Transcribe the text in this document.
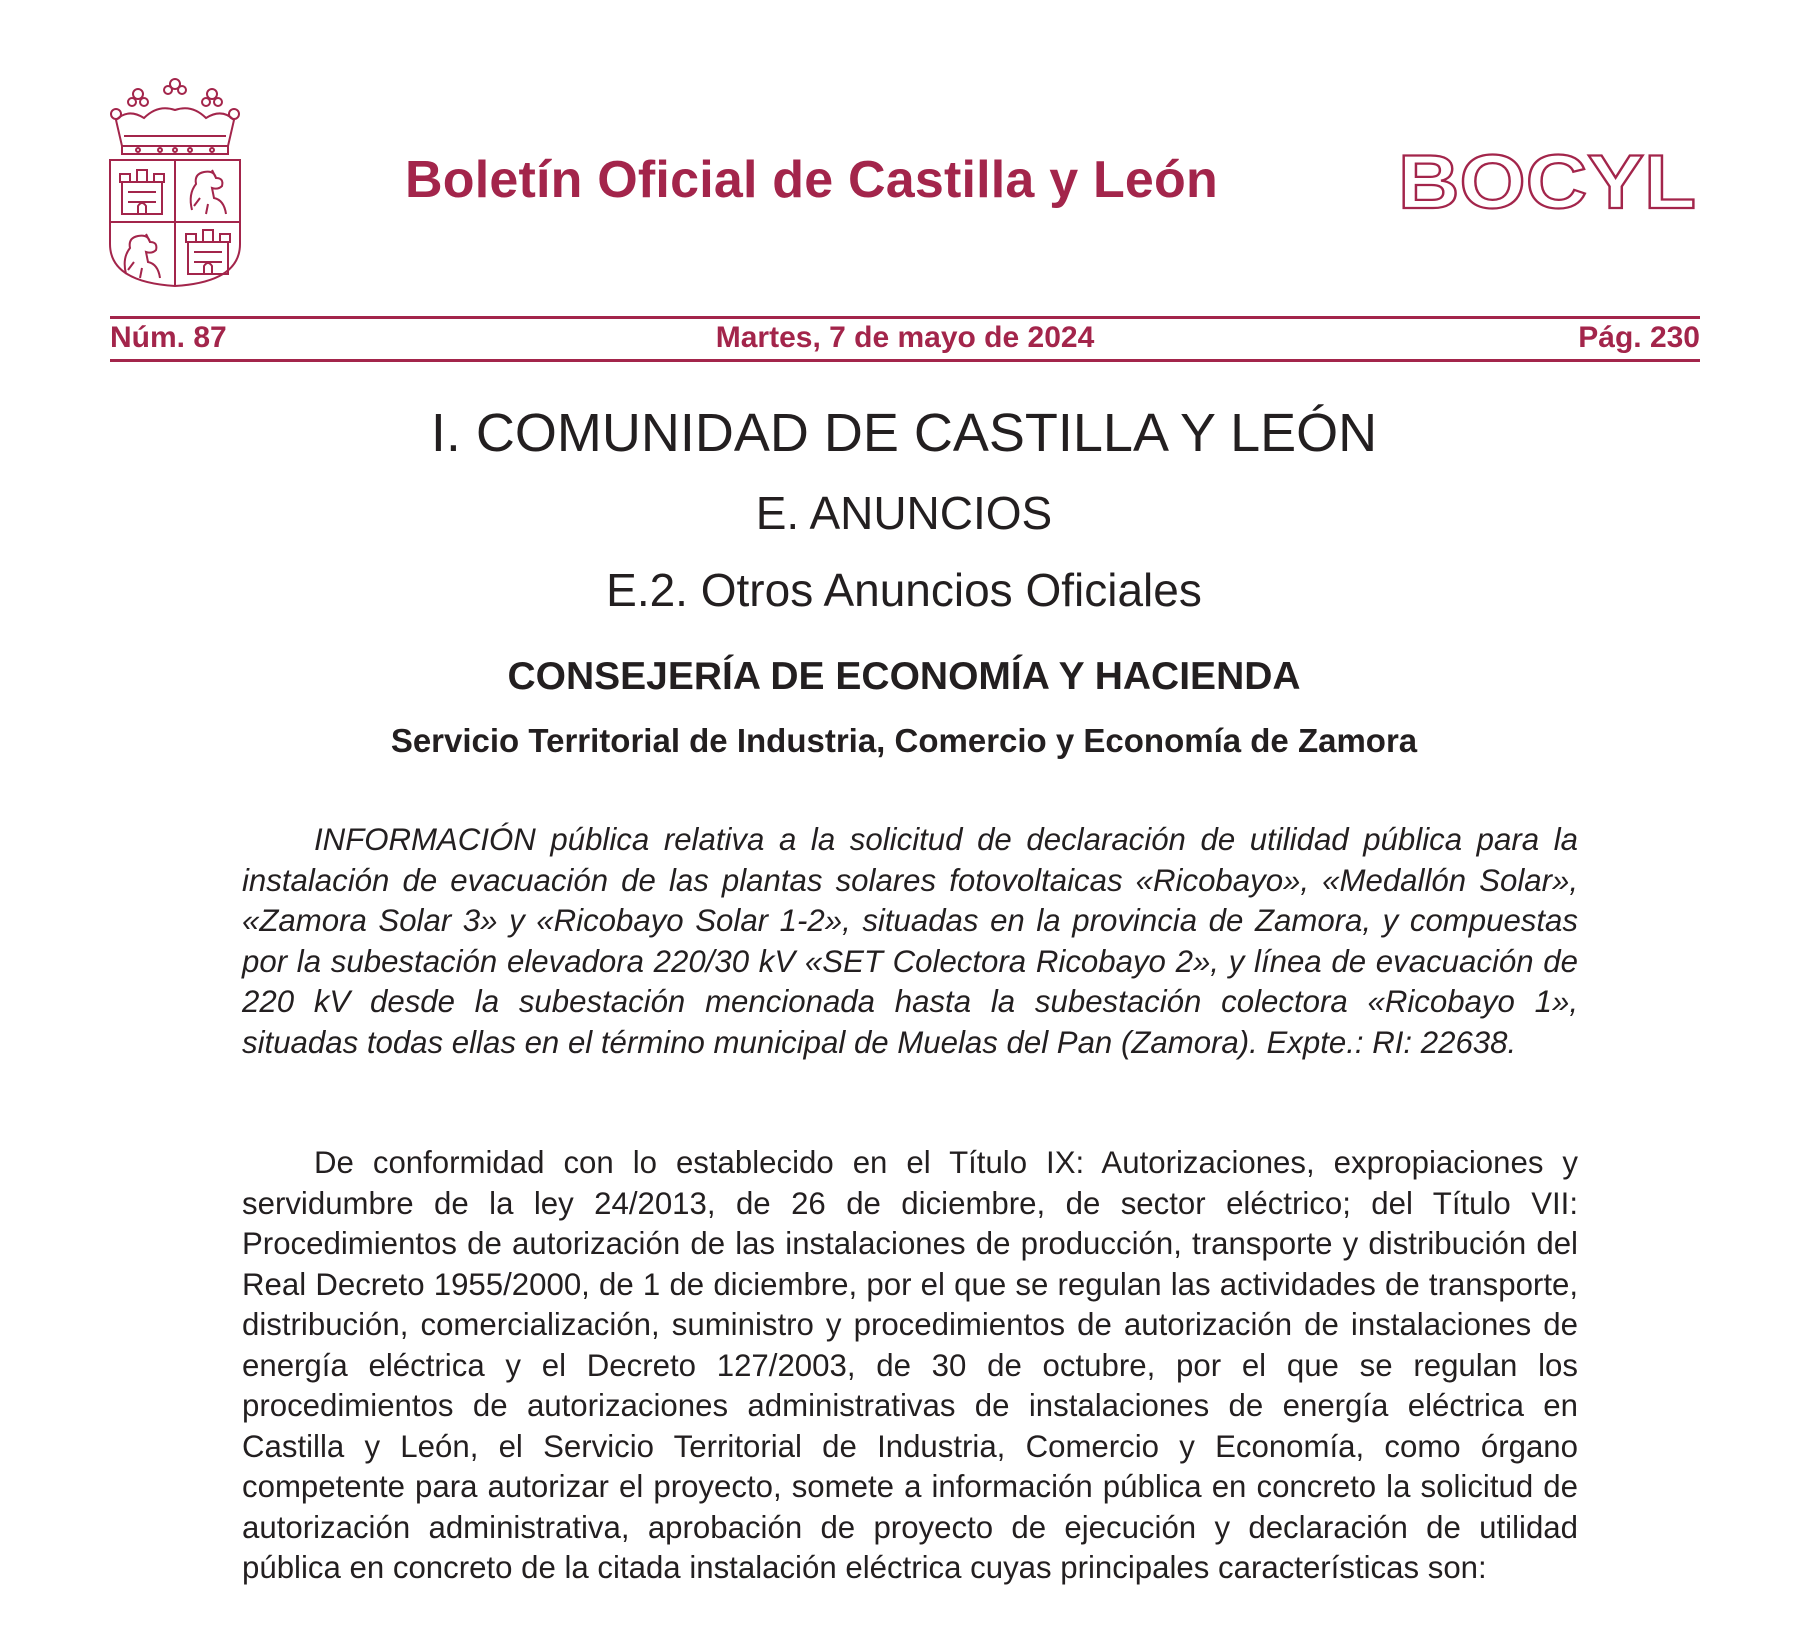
Boletín Oficial de Castilla y León BOCYL
Núm. 87	Martes, 7 de mayo de 2024	Pág. 230
I. COMUNIDAD DE CASTILLA Y LEÓN
E. ANUNCIOS
E.2. Otros Anuncios Oficiales
CONSEJERÍA DE ECONOMÍA Y HACIENDA
Servicio Territorial de Industria, Comercio y Economía de Zamora

INFORMACIÓN pública relativa a la solicitud de declaración de utilidad pública para la instalación de evacuación de las plantas solares fotovoltaicas «Ricobayo», «Medallón Solar», «Zamora Solar 3» y «Ricobayo Solar 1-2», situadas en la provincia de Zamora, y compuestas por la subestación elevadora 220/30 kV «SET Colectora Ricobayo 2», y línea de evacuación de 220 kV desde la subestación mencionada hasta la subestación colectora «Ricobayo 1», situadas todas ellas en el término municipal de Muelas del Pan (Zamora). Expte.: RI: 22638.

De conformidad con lo establecido en el Título IX: Autorizaciones, expropiaciones y servidumbre de la ley 24/2013, de 26 de diciembre, de sector eléctrico; del Título VII: Procedimientos de autorización de las instalaciones de producción, transporte y distribución del Real Decreto 1955/2000, de 1 de diciembre, por el que se regulan las actividades de transporte, distribución, comercialización, suministro y procedimientos de autorización de instalaciones de energía eléctrica y el Decreto 127/2003, de 30 de octubre, por el que se regulan los procedimientos de autorizaciones administrativas de instalaciones de energía eléctrica en Castilla y León, el Servicio Territorial de Industria, Comercio y Economía, como órgano competente para autorizar el proyecto, somete a información pública en concreto la solicitud de autorización administrativa, aprobación de proyecto de ejecución y declaración de utilidad pública en concreto de la citada instalación eléctrica cuyas principales características son:
